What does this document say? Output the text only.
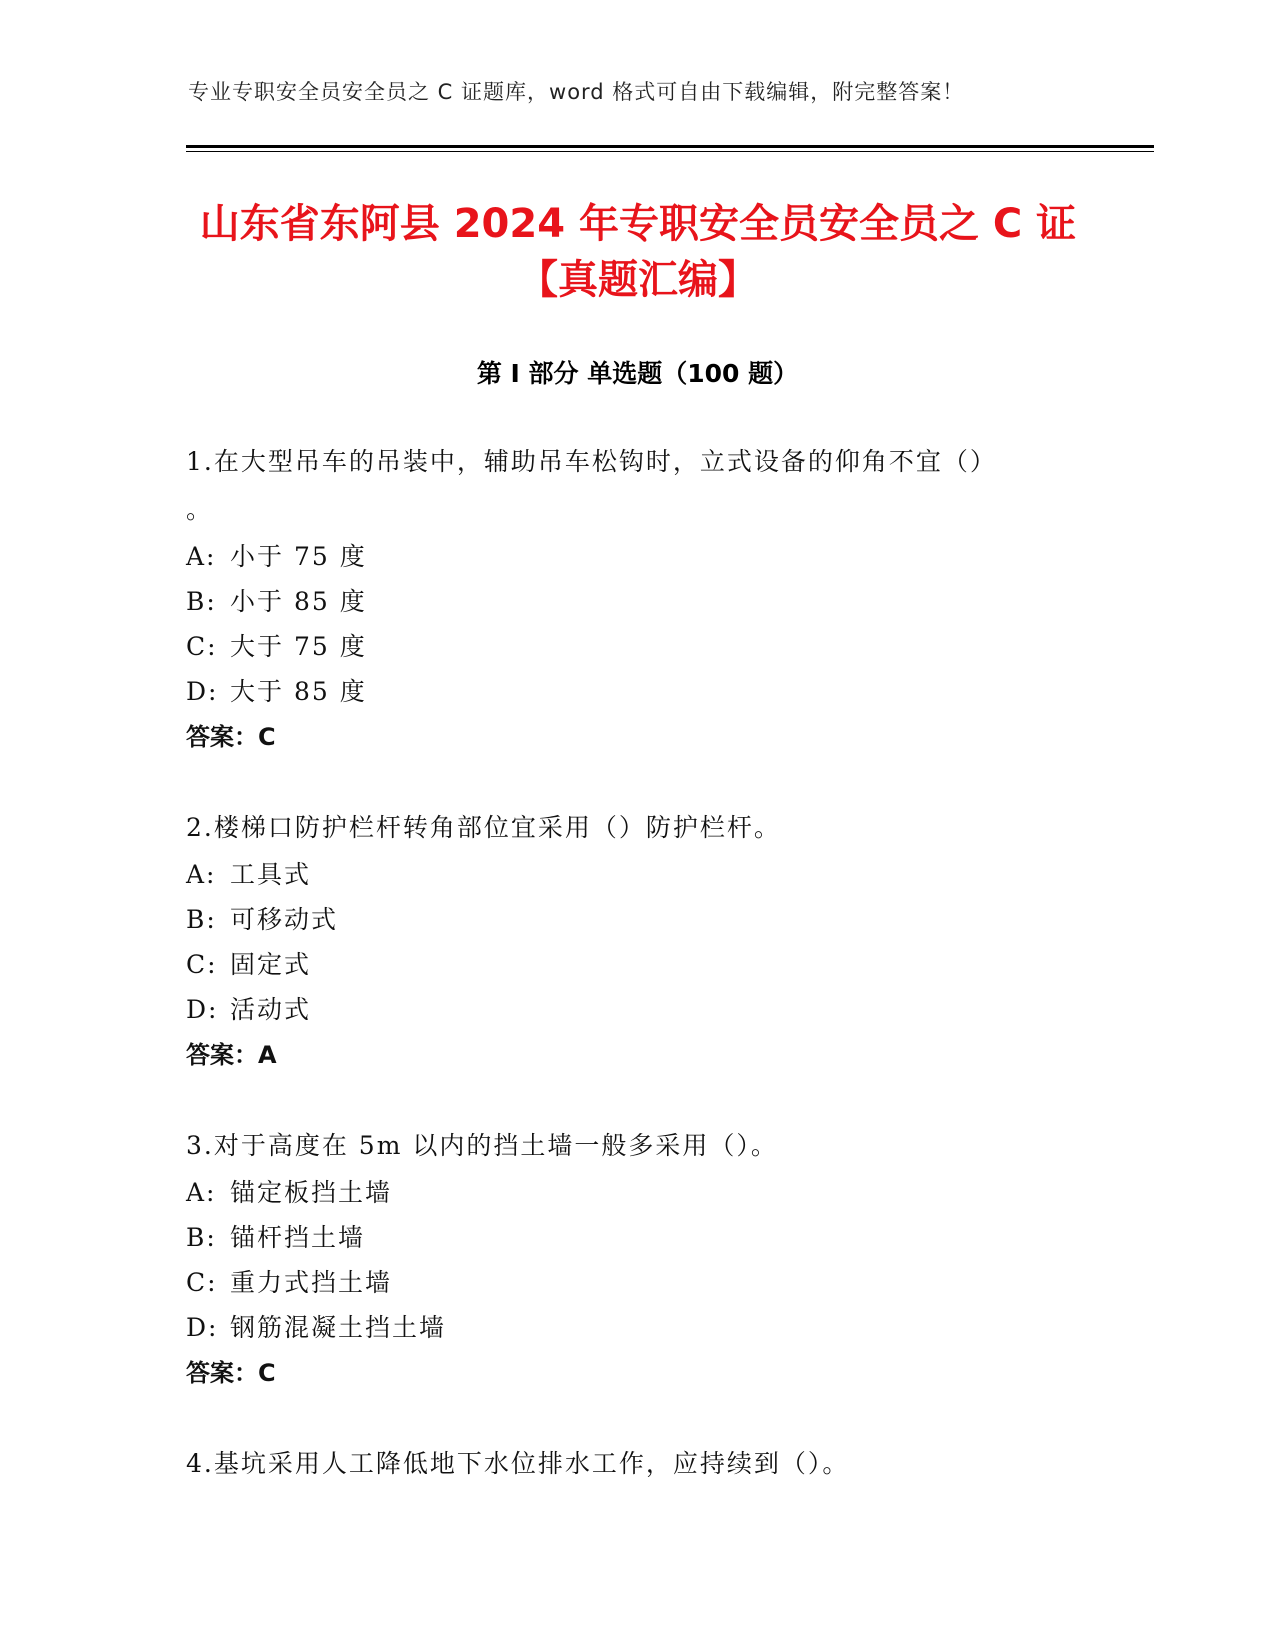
专业专职安全员安全员之 C 证题库，word 格式可自由下载编辑，附完整答案！
山东省东阿县 2024 年专职安全员安全员之 C 证【真题汇编】
第 I 部分 单选题（100 题）

1.在大型吊车的吊装中，辅助吊车松钩时，立式设备的仰角不宜（）

。

A: 小于 75 度

B: 小于 85 度

C: 大于 75 度

D: 大于 85 度

答案：C

2.楼梯口防护栏杆转角部位宜采用（）防护栏杆。

A: 工具式

B: 可移动式

C: 固定式

D: 活动式

答案：A

3.对于高度在 5m 以内的挡土墙一般多采用（）。

A: 锚定板挡土墙

B: 锚杆挡土墙

C: 重力式挡土墙

D: 钢筋混凝土挡土墙

答案：C

4.基坑采用人工降低地下水位排水工作，应持续到（）。
